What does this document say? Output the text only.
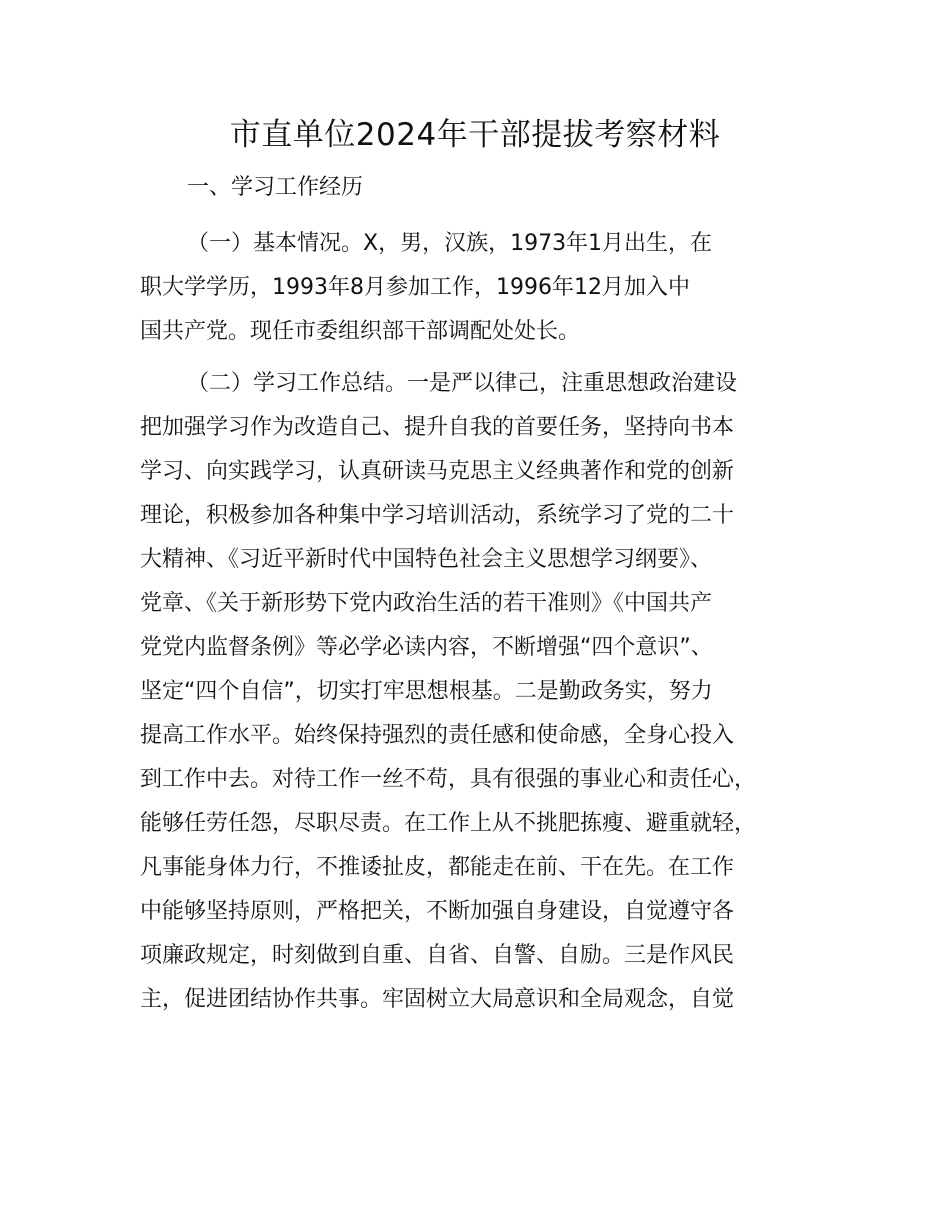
市直单位2024年干部提拔考察材料

一、学习工作经历

（一）基本情况。X，男，汉族，1973年1月出生，在

职大学学历，1993年8月参加工作，1996年12月加入中

国共产党。现任市委组织部干部调配处处长。

（二）学习工作总结。一是严以律己，注重思想政治建设

把加强学习作为改造自己、提升自我的首要任务，坚持向书本

学习、向实践学习，认真研读马克思主义经典著作和党的创新

理论，积极参加各种集中学习培训活动，系统学习了党的二十

大精神、《习近平新时代中国特色社会主义思想学习纲要》、

党章、《关于新形势下党内政治生活的若干准则》《中国共产

党党内监督条例》等必学必读内容，不断增强“四个意识”、

坚定“四个自信”，切实打牢思想根基。二是勤政务实，努力

提高工作水平。始终保持强烈的责任感和使命感，全身心投入

到工作中去。对待工作一丝不苟，具有很强的事业心和责任心，

能够任劳任怨，尽职尽责。在工作上从不挑肥拣瘦、避重就轻，

凡事能身体力行，不推诿扯皮，都能走在前、干在先。在工作

中能够坚持原则，严格把关，不断加强自身建设，自觉遵守各

项廉政规定，时刻做到自重、自省、自警、自励。三是作风民

主，促进团结协作共事。牢固树立大局意识和全局观念，自觉
